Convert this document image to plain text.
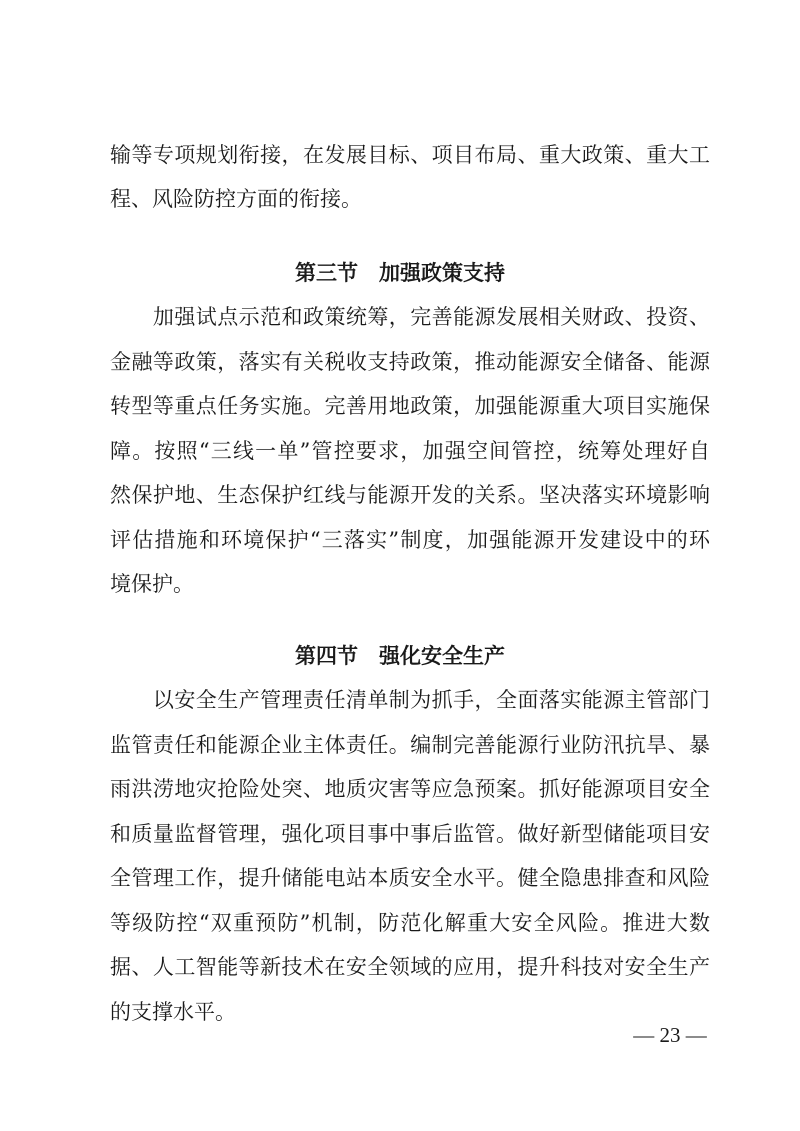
输等专项规划衔接，在发展目标、项目布局、重大政策、重大工
程、风险防控方面的衔接。
第三节　加强政策支持
　　加强试点示范和政策统筹，完善能源发展相关财政、投资、
金融等政策，落实有关税收支持政策，推动能源安全储备、能源
转型等重点任务实施。完善用地政策，加强能源重大项目实施保
障。按照“三线一单”管控要求，加强空间管控，统筹处理好自
然保护地、生态保护红线与能源开发的关系。坚决落实环境影响
评估措施和环境保护“三落实”制度，加强能源开发建设中的环
境保护。
第四节　强化安全生产
　　以安全生产管理责任清单制为抓手，全面落实能源主管部门
监管责任和能源企业主体责任。编制完善能源行业防汛抗旱、暴
雨洪涝地灾抢险处突、地质灾害等应急预案。抓好能源项目安全
和质量监督管理，强化项目事中事后监管。做好新型储能项目安
全管理工作，提升储能电站本质安全水平。健全隐患排查和风险
等级防控“双重预防”机制，防范化解重大安全风险。推进大数
据、人工智能等新技术在安全领域的应用，提升科技对安全生产
的支撑水平。
— 23 —
